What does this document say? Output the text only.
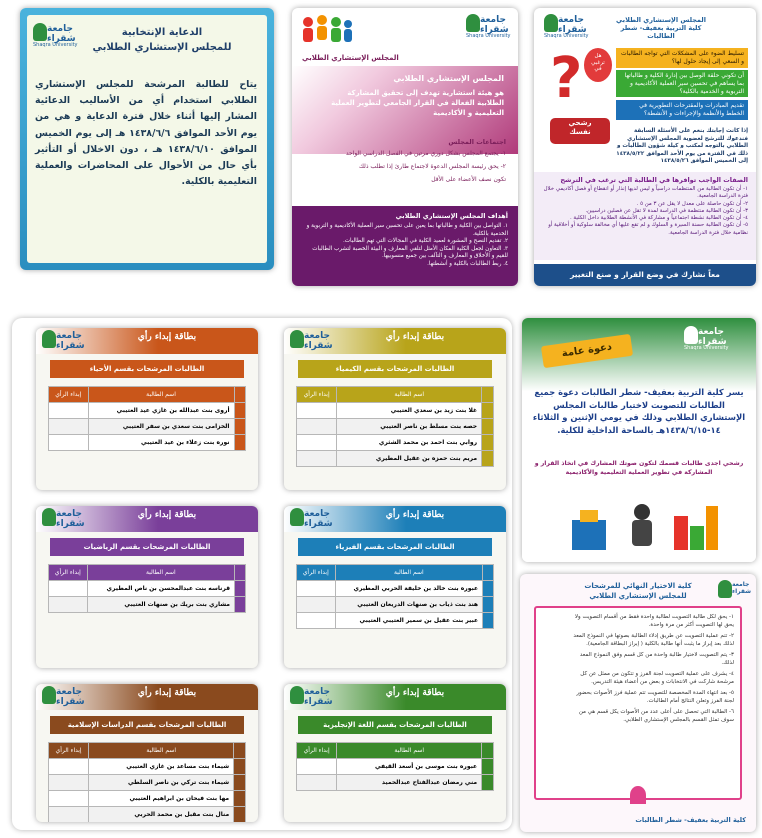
جامعة شقراء
Shaqra University
الدعاية الإنتخابية
للمجلس الإستشاري الطلابي
يتاح للطالبة المرشحة للمجلس الإستشاري الطلابي استخدام أي من الأساليب الدعائية المشار إليها أثناء خلال فترة الدعاية و هي من يوم الأحد الموافق ١٤٣٨/٦/٦ هـ إلى يوم الخميس الموافق ١٤٣٨/٦/١٠ هـ ، دون الاخلال أو التأثير بأي حال من الأحوال على المحاضرات والعملية التعليمية بالكلية.
جامعة شقراء
Shaqra University
المجلس الإستشاري الطلابي
المجلس الإستشاري الطلابي
هو هيئة استشارية تهدف إلى تحقيق المشاركة الطلابية الفعالة في القرار الجامعي لتطوير العملية التعليمية و الأكاديمية
اجتماعات المجلس
١- يجتمع المجلس بشكل دوري مرتين في الفصل الدراسي الواحد
٢- يحق رئيسة المجلس الدعوة لاجتماع طارئ إذا تطلب ذلك
تكون نصف الأعضاء على الأقل
أهداف المجلس الإستشاري الطلابي
١. التواصل بين الكلية و طالباتها بما يعين على تحسين سير العملية الأكاديمية و التربوية و الخدمية بالكلية.
٢. تقديم النصح و المشورة لعميد الكلية في المجالات التي تهم الطالبات.
٣. التعاون لجعل الكلية المكان الأمثل لتلقي المعارف و البيئة الخصبة لتشرب الطالبات للقيم و الأخلاق و المعارف و التآلف بين جميع منسوبيها.
٤. ربط الطالبات بالكلية و أنشطتها.
جامعة شقراء
Shaqra University
المجلس الإستشاري الطلابي
كلية التربية بعفيف- شطر الطالبات
?	هل
ترغبي
في
رشحي
نفسك
تسليط الضوء على المشكلات التي تواجه الطالبات و السعي إلى إيجاد حلول لها؟
أن تكوني حلقة الوصل بين إدارة الكلية و طالباتها بما يساهم في تحسين سير العملية الأكاديمية و التربوية و الخدمية بالكلية؟
تقديم المبادرات والمقترحات التطويرية في الخطط والأنظمة والإجراءات و الأنشطة؟
إذا كانت إجابتك بنعم على الأسئلة السابقة فندعوك للترشح لعضوية المجلس الإستشاري الطلابي بالتوجه لمكتب و كيلة شؤون الطالبات و ذلك في الفترة من يوم الأحد الموافق ١٤٣٨/٥/٢٢ إلى الخميس الموافق ١٤٣٨/٥/٢٦
الصفات الواجب توافرها في الطالبة التي ترغب في الترشح
١- أن تكون الطالبة من المنتظمات دراسياً و ليس لديها إنذار أو انقطاع أو فصل أكاديمي خلال فترة الدراسة الجامعية.
٢- أن تكون حاصلة على معدل لا يقل عن ٣ من ٥ .
٣- أن تكون الطالبة منتظمة في الدراسة لمدة لا تقل عن فصلين دراسيين.
٤- أن تكون الطالبة نشطة اجتماعياً و مشاركة في الأنشطة الطلابية داخل الكلية .
٥- أن تكون الطالبة حسنة السيرة و السلوك و لم تقع عليها أي مخالفة سلوكية أو أخلاقية أو نظامية خلال فترة الدراسة الجامعية.
معاً نشارك في وضع القرار و صنع التغيير
جامعة شقراء
بطاقة إبداء رأي
الطالبات المرشحات بقسم الأحياء
	اسم الطالبة	إبداء الرأي
	أروى بنت عبدالله بن غازي عيد العتيبي	
	الخزامى بنت سعدي بن سفر العتيبي	
	نوره بنت زعلاء بن عيد العتيبي	
جامعة شقراء
بطاقة إبداء رأي
الطالبات المرشحات بقسم الكيمياء
	اسم الطالبة	إبداء الرأي
	غلا بنت زيد بن سعدي العتيبي	
	حصه بنت مسلط بن ناصر العتيبي	
	روابي بنت احمد بن محمد الشثري	
	مريم بنت حمزه بن عقيل المطيري	
جامعة شقراء
بطاقة إبداء رأي
الطالبات المرشحات بقسم الرياضيات
	اسم الطالبة	إبداء الرأي
	قرناسه بنت عبدالمحسن بن ناص المطيري	
	مشاري بنت بريك بن صنهات العتيبي	
جامعة شقراء
بطاقة إبداء رأي
الطالبات المرشحات بقسم الفيزياء
	اسم الطالبة	إبداء الرأي
	عبوره بنت خالد بن خليفة الحربي المطيري	
	هند بنت ذياب بن صنهات الدريعان العتيبي	
	عبير بنت عقيل بن سمير العتيبي العتيبي	
جامعة شقراء
بطاقة إبداء رأي
الطالبات المرشحات بقسم الدراسات الإسلامية
	اسم الطالبة	إبداء الرأي
	شيماء بنت مساعد بن غازي العتيبي	
	شيماء بنت تركي بن ناصر السلطي	
	مها بنت فيحان بن ابراهيم العتيبي	
	منال بنت مقبل بن محمد الحربي	
جامعة شقراء
بطاقة إبداء رأي
الطالبات المرشحات بقسم اللغة الإنجليزية
	اسم الطالبة	إبداء الرأي
	عبوره بنت موسى بن أسعد القيفي	
	مني رمضان عبدالفتاح عبدالحميد	
جامعة شقراء
Shaqra University
دعوة عامة
يسر كلية التربية بعفيف- شطر الطالبات دعوة جميع الطالبات للتصويت لاختيار طالبات المجلس الإستشاري الطلابي وذلك في يومي الإثنين و الثلاثاء ١٤-١٤٣٨/٦/١٥هـ بالساحة الداخلية للكلية.
رشحي اجدى طالبات قسمك لتكون صوتك المشارك في اتخاذ القرار و المشاركة في تطوير العملية التعليمية والأكاديمية
جامعة شقراء
كلية الاختيار النهائي للمرشحات
للمجلس الإستشاري الطلابي
١- يحق لكل طالبة التصويت لطالبة واحدة فقط من أقسام التصويت ولا يحق لها التصويت أكثر من مرة واحدة.
٢- تتم عملية التصويت عن طريق إدلاء الطالبة بصوتها في النموذج المعد لذلك بعد إبراز ما يثبت أنها طالبة بالكلية ( إبراز البطاقة الجامعية).
٣- يتم التصويت لاختيار طالبة واحدة من كل قسم وفق النموذج المعد لذلك.
٤- يشرف على عملية التصويت لجنة الفرز و تتكون من ممثل عن كل مرشحة شاركت في الانتخابات و بعض من أعضاء هيئة التدريس.
٥- بعد انتهاء المدة المخصصة للتصويت تتم عملية فرز الأصوات بحضور لجنة الفرز وتعلن النتائج أمام الطالبات.
٦- الطالبة التي تحصل على أعلى عدد من الأصوات يكل قسم هي من سوف تمثل القسم بالمجلس الإستشاري الطلابي.
كلية التربية بعفيف- شطر الطالبات
